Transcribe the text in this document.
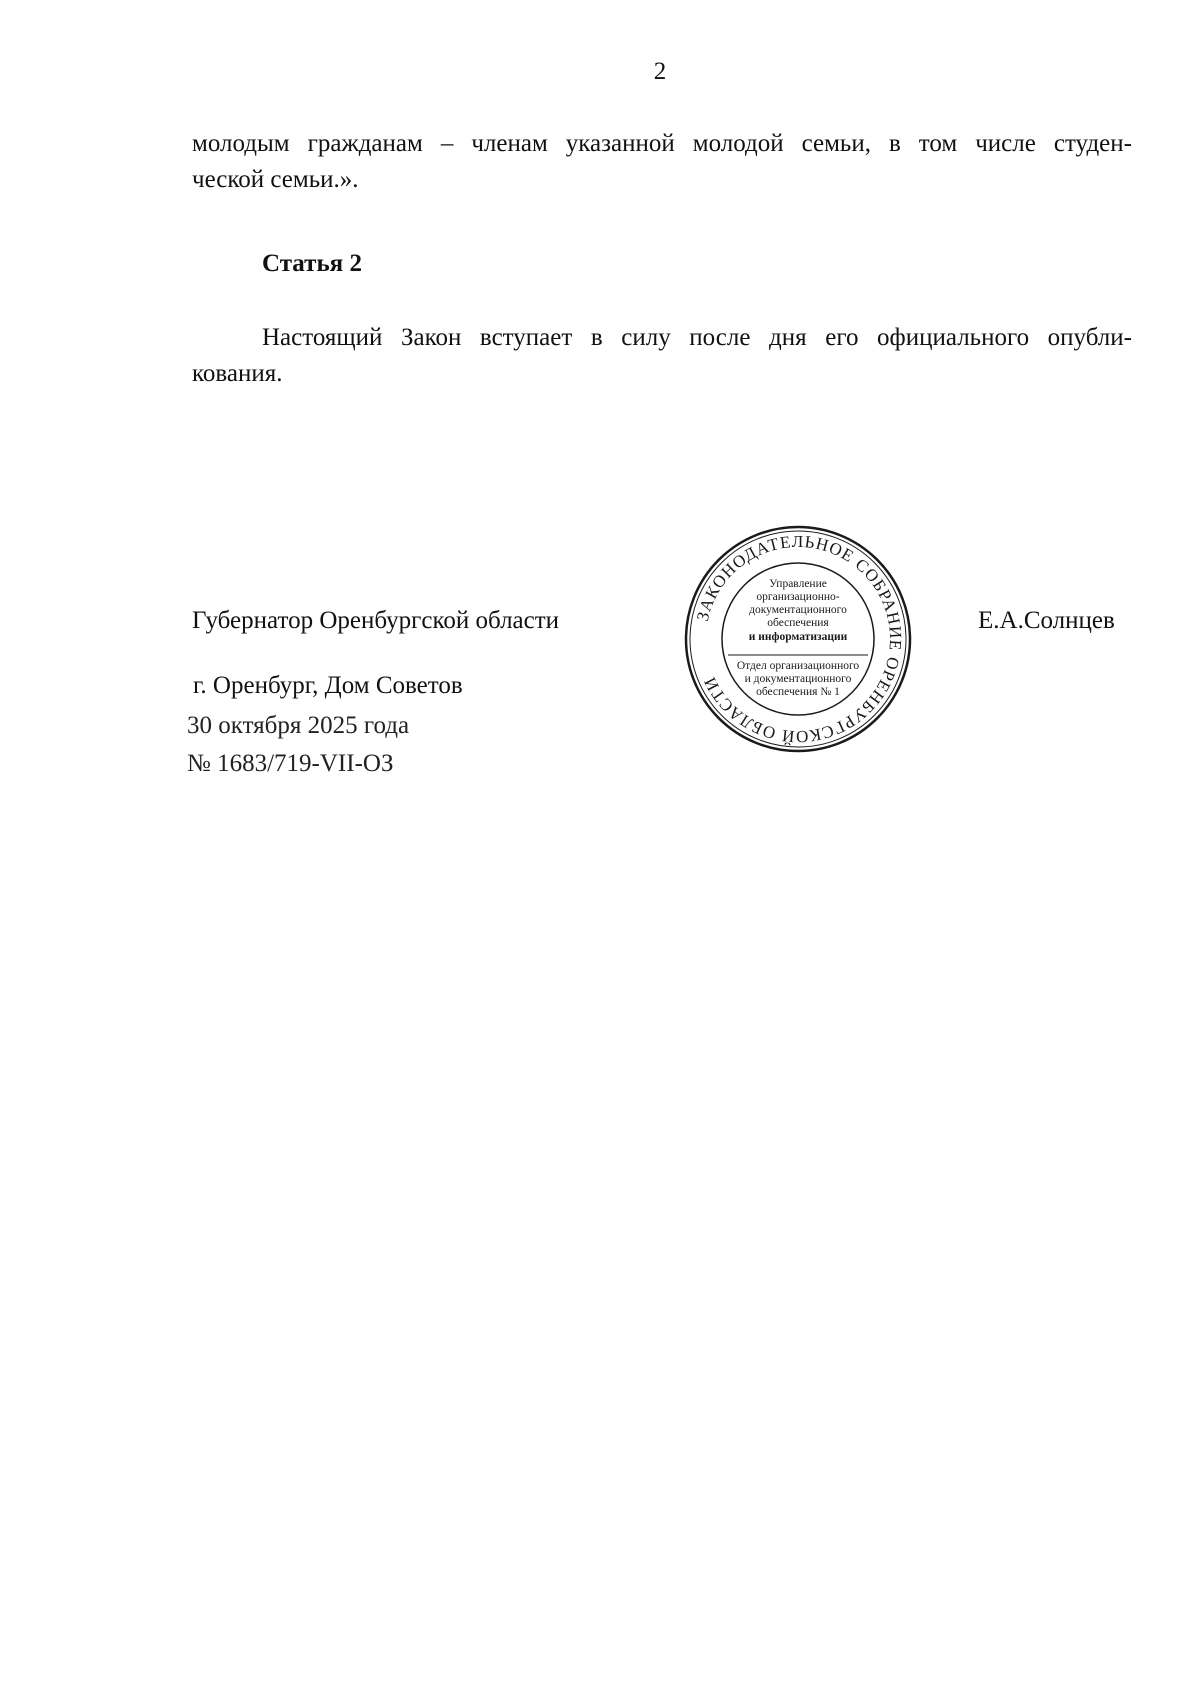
2
молодым гражданам – членам указанной молодой семьи, в том числе студен-
ческой семьи.».
Статья 2
Настоящий Закон вступает в силу после дня его официального опубли-
кования.
Губернатор Оренбургской области	Е.А.Солнцев
г. Оренбург, Дом Советов
30 октября 2025 года
№ 1683/719-VII-ОЗ
ЗАКОНОДАТЕЛЬНОЕ СОБРАНИЕ ОРЕНБУРГСКОЙ ОБЛАСТИ
Управление
организационно-
документационного
обеспечения
и информатизации
Отдел организационного
и документационного
обеспечения № 1
